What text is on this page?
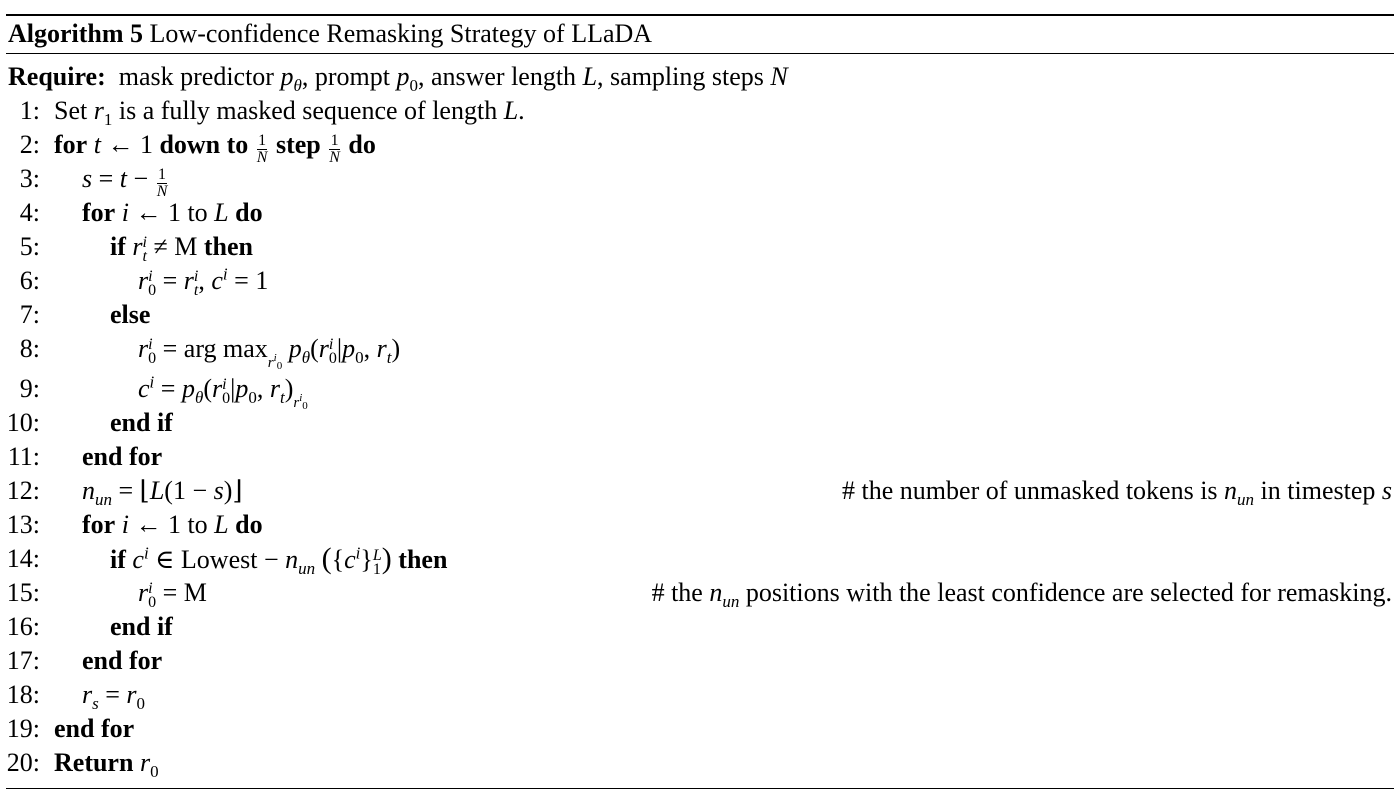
Algorithm 5 Low-confidence Remasking Strategy of LLaDA
Require: mask predictor $p_\theta$, prompt $p_0$, answer length L, sampling steps N
1: Set $r_1$ is a fully masked sequence of length L.
2: for t ← 1 down to $\frac{1}{N}$ step $\frac{1}{N}$ do
3: $s = t - \frac{1}{N}$
4: for i ← 1 to L do
5:	if r i
t ≠ M then
6:	r i
0 = r i
t , $c^i = 1$
7:	else
8:	r i
0 = arg maxr$^i$0 $p_\theta(r$ i
0 $|p_0$, $r_t$)
9:	$c^i = p_\theta(r$ i
0 $|p_0$, $r_t)r^i0$
10:	end if
11: end for
12: $n_{un}$ = ⌊L(1 − s)⌋	# the number of unmasked tokens is $n_{un}$ in timestep s
13: for i ← 1 to L do
14:	if $c^i$ ∈ Lowest − $n_{un}$ ($\{c^i\}$ L
1 ) then
15:	r i
0 = M	# the $n_{un}$ positions with the least confidence are selected for remasking.
16:	end if
17: end for
18: $r_s = r_0$
19: end for
20: Return $r_0$
